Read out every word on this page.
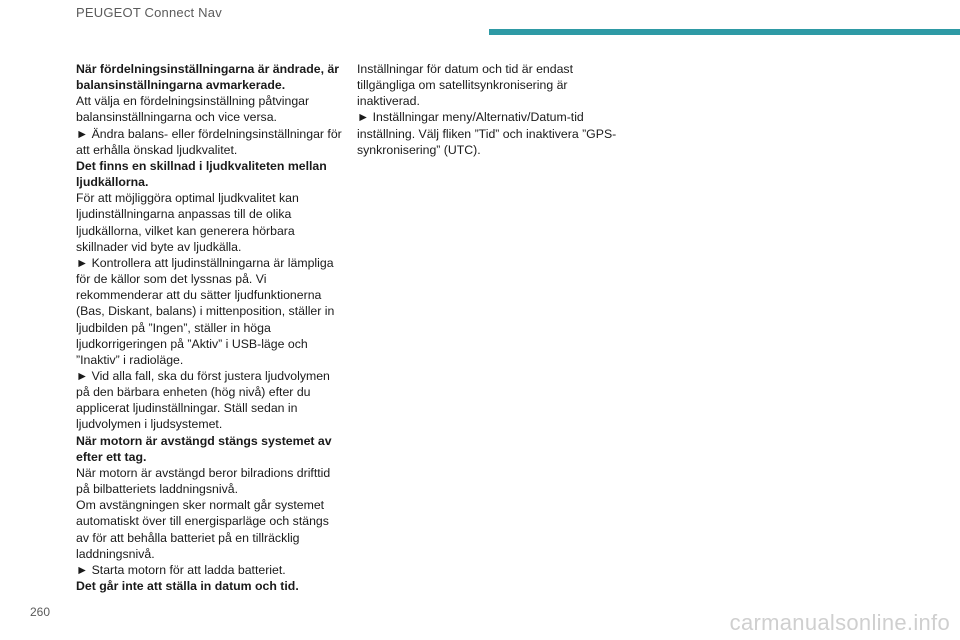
PEUGEOT Connect Nav

När fördelningsinställningarna är ändrade, är balansinställningarna avmarkerade.

Att välja en fördelningsinställning påtvingar balansinställningarna och vice versa.

► Ändra balans- eller fördelningsinställningar för att erhålla önskad ljudkvalitet.

Det finns en skillnad i ljudkvaliteten mellan ljudkällorna.

För att möjliggöra optimal ljudkvalitet kan ljudinställningarna anpassas till de olika ljudkällorna, vilket kan generera hörbara skillnader vid byte av ljudkälla.

► Kontrollera att ljudinställningarna är lämpliga för de källor som det lyssnas på. Vi rekommenderar att du sätter ljudfunktionerna (Bas, Diskant, balans) i mittenposition, ställer in ljudbilden på ”Ingen”, ställer in höga ljudkorrigeringen på ”Aktiv” i USB-läge och ”Inaktiv” i radioläge.

► Vid alla fall, ska du först justera ljudvolymen på den bärbara enheten (hög nivå) efter du applicerat ljudinställningar. Ställ sedan in ljudvolymen i ljudsystemet.

När motorn är avstängd stängs systemet av efter ett tag.

När motorn är avstängd beror bilradions drifttid på bilbatteriets laddningsnivå.

Om avstängningen sker normalt går systemet automatiskt över till energisparläge och stängs av för att behålla batteriet på en tillräcklig laddningsnivå.

► Starta motorn för att ladda batteriet.

Det går inte att ställa in datum och tid.

Inställningar för datum och tid är endast tillgängliga om satellitsynkronisering är inaktiverad.

► Inställningar meny/Alternativ/Datum-tid inställning. Välj fliken ”Tid” och inaktivera ”GPS-synkronisering” (UTC).

260	carmanualsonline.info
